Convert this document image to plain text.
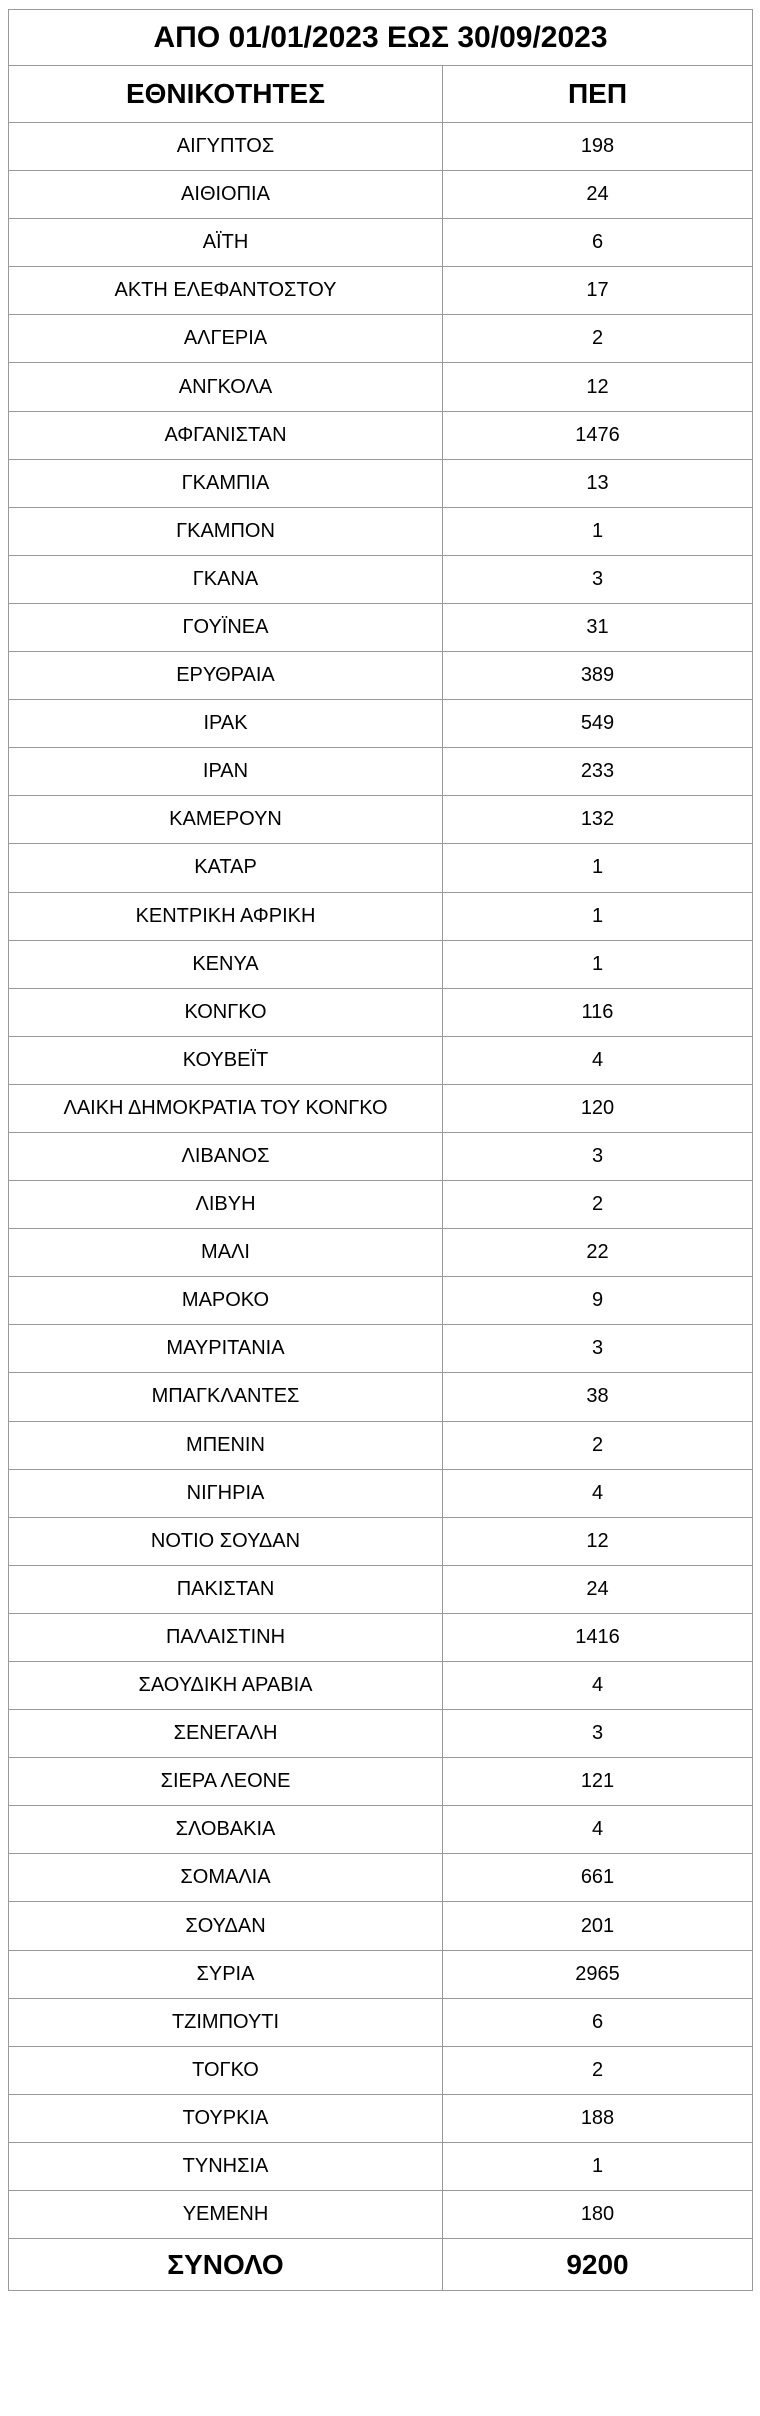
ΑΠΟ 01/01/2023 ΕΩΣ 30/09/2023	
ΕΘΝΙΚΟΤΗΤΕΣ	ΠΕΠ
ΑΙΓΥΠΤΟΣ	198
ΑΙΘΙΟΠΙΑ	24
ΑΪΤΗ	6
ΑΚΤΗ ΕΛΕΦΑΝΤΟΣΤΟΥ	17
ΑΛΓΕΡΙΑ	2
ΑΝΓΚΟΛΑ	12
ΑΦΓΑΝΙΣΤΑΝ	1476
ΓΚΑΜΠΙΑ	13
ΓΚΑΜΠΟΝ	1
ΓΚΑΝΑ	3
ΓΟΥΪΝΕΑ	31
ΕΡΥΘΡΑΙΑ	389
ΙΡΑΚ	549
ΙΡΑΝ	233
ΚΑΜΕΡΟΥΝ	132
ΚΑΤΑΡ	1
ΚΕΝΤΡΙΚΗ ΑΦΡΙΚΗ	1
ΚΕΝΥΑ	1
ΚΟΝΓΚΟ	116
ΚΟΥΒΕΪΤ	4
ΛΑΙΚΗ ΔΗΜΟΚΡΑΤΙΑ ΤΟΥ ΚΟΝΓΚΟ	120
ΛΙΒΑΝΟΣ	3
ΛΙΒΥΗ	2
ΜΑΛΙ	22
ΜΑΡΟΚΟ	9
ΜΑΥΡΙΤΑΝΙΑ	3
ΜΠΑΓΚΛΑΝΤΕΣ	38
ΜΠΕΝΙΝ	2
ΝΙΓΗΡΙΑ	4
ΝΟΤΙΟ ΣΟΥΔΑΝ	12
ΠΑΚΙΣΤΑΝ	24
ΠΑΛΑΙΣΤΙΝΗ	1416
ΣΑΟΥΔΙΚΗ ΑΡΑΒΙΑ	4
ΣΕΝΕΓΑΛΗ	3
ΣΙΕΡΑ ΛΕΟΝΕ	121
ΣΛΟΒΑΚΙΑ	4
ΣΟΜΑΛΙΑ	661
ΣΟΥΔΑΝ	201
ΣΥΡΙΑ	2965
ΤΖΙΜΠΟΥΤΙ	6
ΤΟΓΚΟ	2
ΤΟΥΡΚΙΑ	188
ΤΥΝΗΣΙΑ	1
ΥΕΜΕΝΗ	180
ΣΥΝΟΛΟ	9200
